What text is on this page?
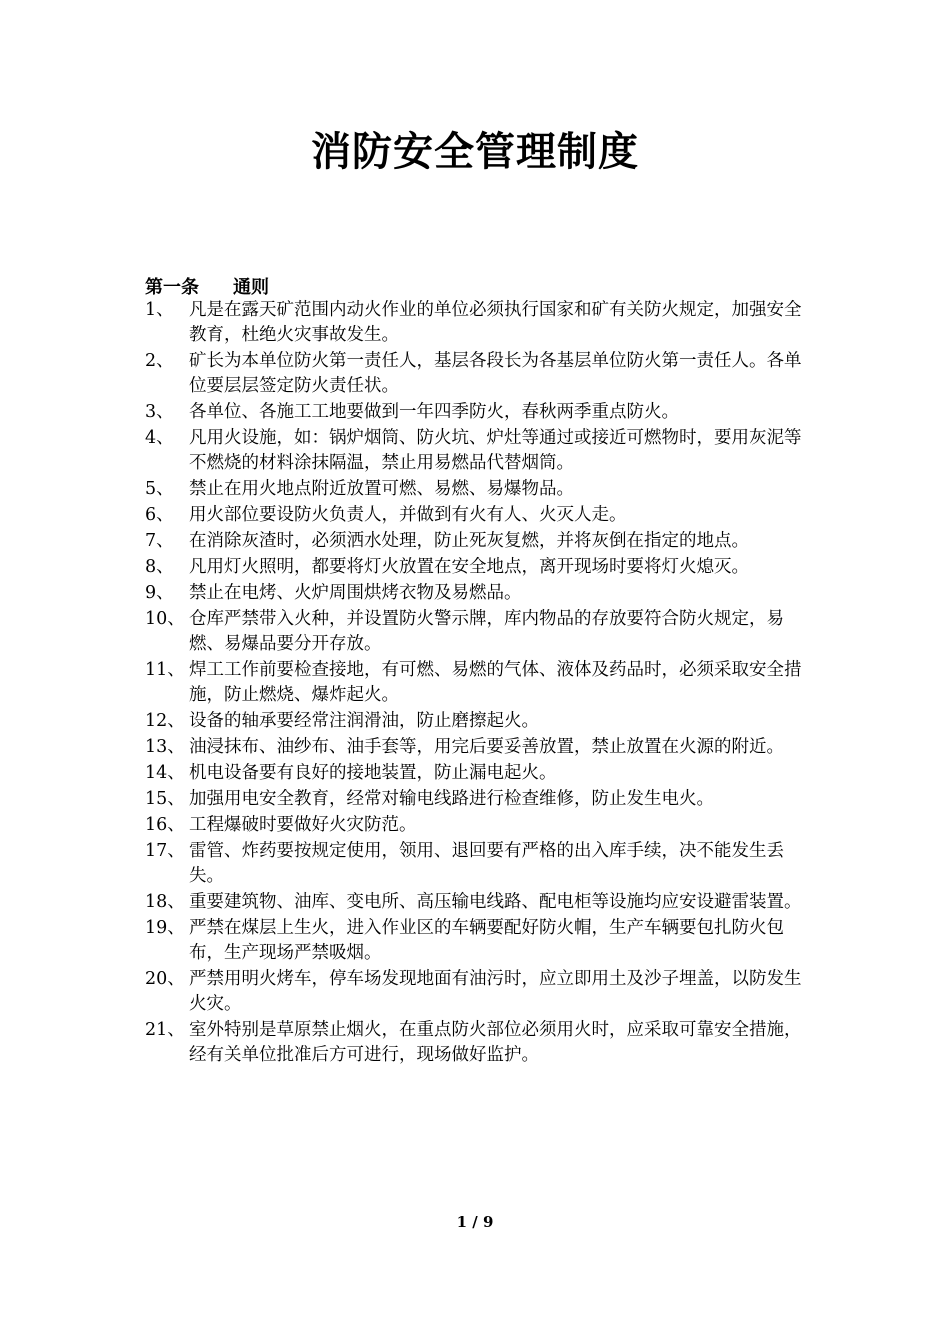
消防安全管理制度

第一条 通则

1、 凡是在露天矿范围内动火作业的单位必须执行国家和矿有关防火规定，加强安全教育，杜绝火灾事故发生。
2、 矿长为本单位防火第一责任人，基层各段长为各基层单位防火第一责任人。各单位要层层签定防火责任状。
3、 各单位、各施工工地要做到一年四季防火，春秋两季重点防火。
4、 凡用火设施，如：锅炉烟筒、防火坑、炉灶等通过或接近可燃物时，要用灰泥等不燃烧的材料涂抹隔温，禁止用易燃品代替烟筒。
5、 禁止在用火地点附近放置可燃、易燃、易爆物品。
6、 用火部位要设防火负责人，并做到有火有人、火灭人走。
7、 在消除灰渣时，必须洒水处理，防止死灰复燃，并将灰倒在指定的地点。
8、 凡用灯火照明，都要将灯火放置在安全地点，离开现场时要将灯火熄灭。
9、 禁止在电烤、火炉周围烘烤衣物及易燃品。
10、 仓库严禁带入火种，并设置防火警示牌，库内物品的存放要符合防火规定，易燃、易爆品要分开存放。
11、 焊工工作前要检查接地，有可燃、易燃的气体、液体及药品时，必须采取安全措施，防止燃烧、爆炸起火。
12、 设备的轴承要经常注润滑油，防止磨擦起火。
13、 油浸抹布、油纱布、油手套等，用完后要妥善放置，禁止放置在火源的附近。
14、 机电设备要有良好的接地装置，防止漏电起火。
15、 加强用电安全教育，经常对输电线路进行检查维修，防止发生电火。
16、 工程爆破时要做好火灾防范。
17、 雷管、炸药要按规定使用，领用、退回要有严格的出入库手续，决不能发生丢失。
18、 重要建筑物、油库、变电所、高压输电线路、配电柜等设施均应安设避雷装置。
19、 严禁在煤层上生火，进入作业区的车辆要配好防火帽，生产车辆要包扎防火包布，生产现场严禁吸烟。
20、 严禁用明火烤车，停车场发现地面有油污时，应立即用土及沙子埋盖，以防发生火灾。
21、 室外特别是草原禁止烟火，在重点防火部位必须用火时，应采取可靠安全措施，经有关单位批准后方可进行，现场做好监护。
1 / 9
